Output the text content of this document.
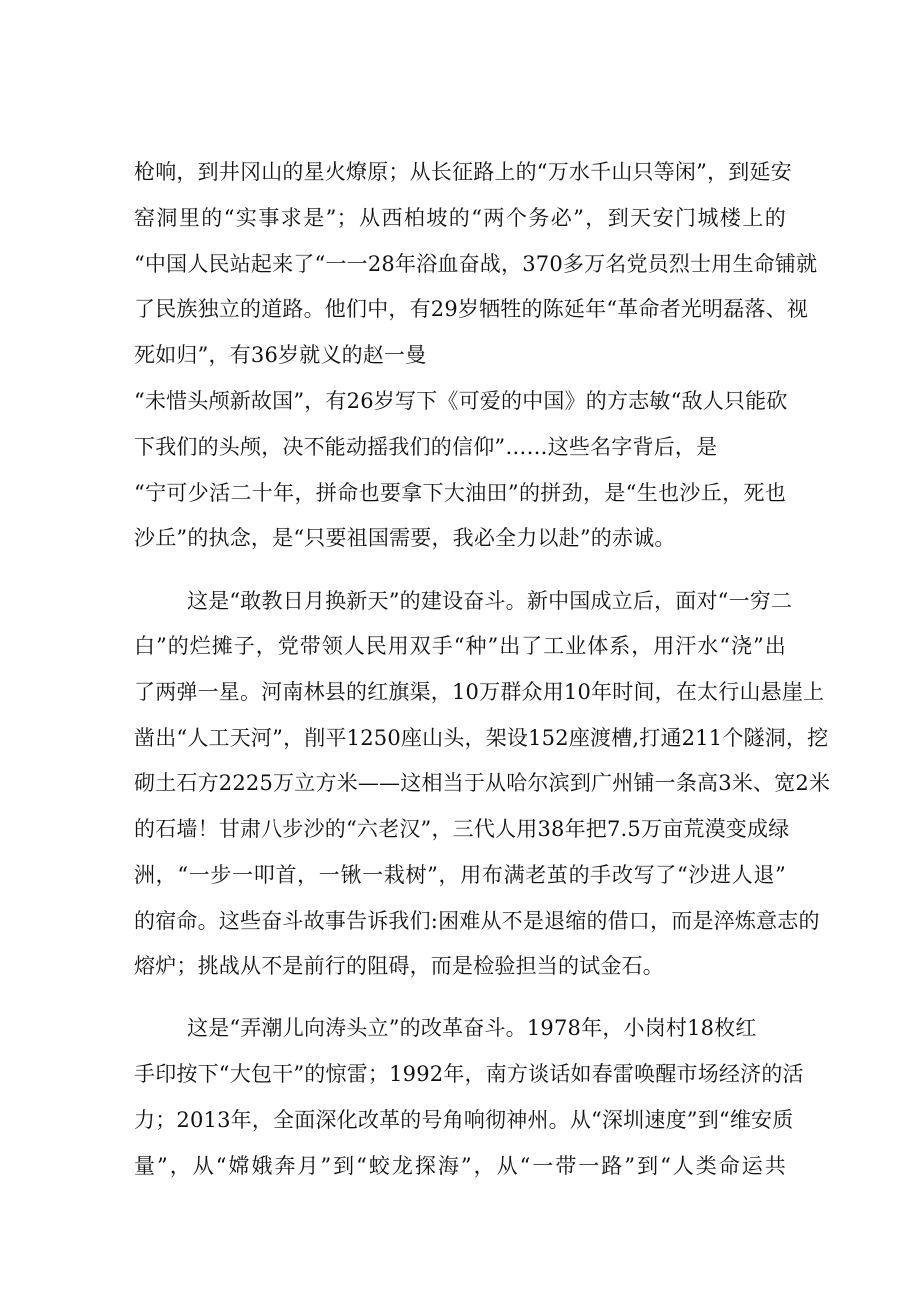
枪响，到井冈山的星火燎原；从长征路上的“万水千山只等闲”，到延安
窑洞里的“实事求是”；从西柏坡的“两个务必”，到天安门城楼上的
“中国人民站起来了“一一28年浴血奋战，370多万名党员烈士用生命铺就
了民族独立的道路。他们中，有29岁牺牲的陈延年“革命者光明磊落、视
死如归”，有36岁就义的赵一曼
“未惜头颅新故国”，有26岁写下《可爱的中国》的方志敏“敌人只能砍
下我们的头颅，决不能动摇我们的信仰”……这些名字背后，是
“宁可少活二十年，拼命也要拿下大油田”的拼劲，是“生也沙丘，死也
沙丘”的执念，是“只要祖国需要，我必全力以赴”的赤诚。
这是“敢教日月换新天”的建设奋斗。新中国成立后，面对“一穷二
白”的烂摊子，党带领人民用双手“种”出了工业体系，用汗水“浇”出
了两弹一星。河南林县的红旗渠，10万群众用10年时间，在太行山悬崖上
凿出“人工天河”，削平1250座山头，架设152座渡槽,打通211个隧洞，挖
砌土石方2225万立方米——这相当于从哈尔滨到广州铺一条高3米、宽2米
的石墙！甘肃八步沙的“六老汉”，三代人用38年把7.5万亩荒漠变成绿
洲，“一步一叩首，一锹一栽树”，用布满老茧的手改写了“沙进人退”
的宿命。这些奋斗故事告诉我们:困难从不是退缩的借口，而是淬炼意志的
熔炉；挑战从不是前行的阻碍，而是检验担当的试金石。
这是“弄潮儿向涛头立”的改革奋斗。1978年，小岗村18枚红
手印按下“大包干”的惊雷；1992年，南方谈话如春雷唤醒市场经济的活
力；2013年，全面深化改革的号角响彻神州。从“深圳速度”到“维安质
量”，从“嫦娥奔月”到“蛟龙探海”，从“一带一路”到“人类命运共
